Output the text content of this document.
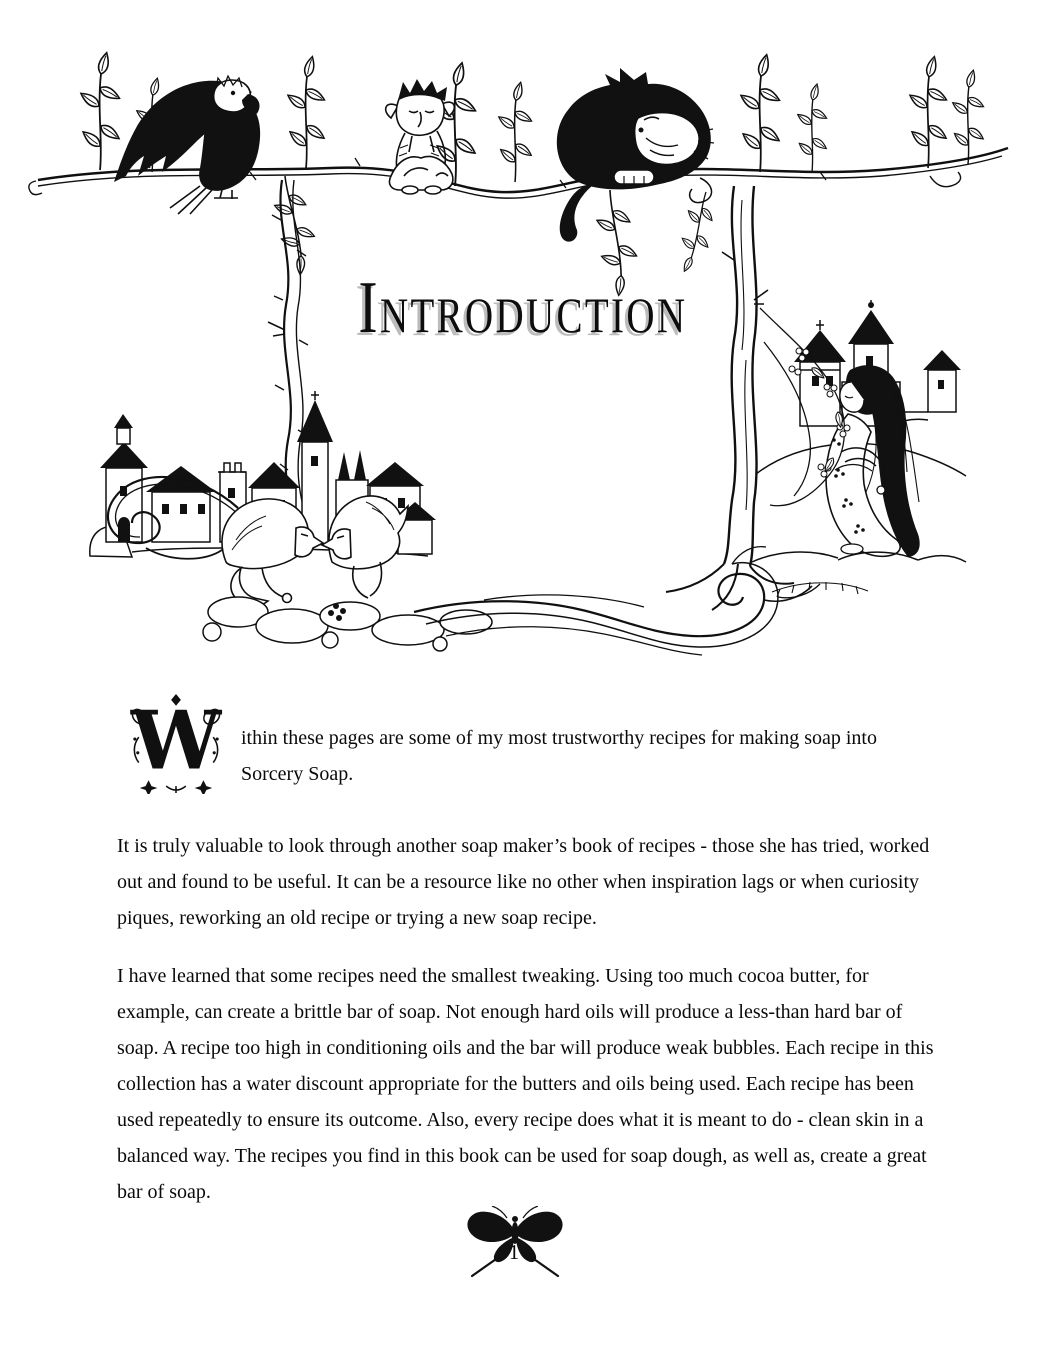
INTRODUCTION

W ithin these pages are some of my most trustworthy recipes for making soap into Sorcery Soap.

It is truly valuable to look through another soap maker’s book of recipes - those she has tried, worked out and found to be useful. It can be a resource like no other when inspiration lags or when curiosity piques, reworking an old recipe or trying a new soap recipe.

I have learned that some recipes need the smallest tweaking. Using too much cocoa butter, for example, can create a brittle bar of soap. Not enough hard oils will produce a less-than hard bar of soap. A recipe too high in conditioning oils and the bar will produce weak bubbles. Each recipe in this collection has a water discount appropriate for the butters and oils being used. Each recipe has been used repeatedly to ensure its outcome. Also, every recipe does what it is meant to do - clean skin in a balanced way. The recipes you find in this book can be used for soap dough, as well as, create a great bar of soap.

1
